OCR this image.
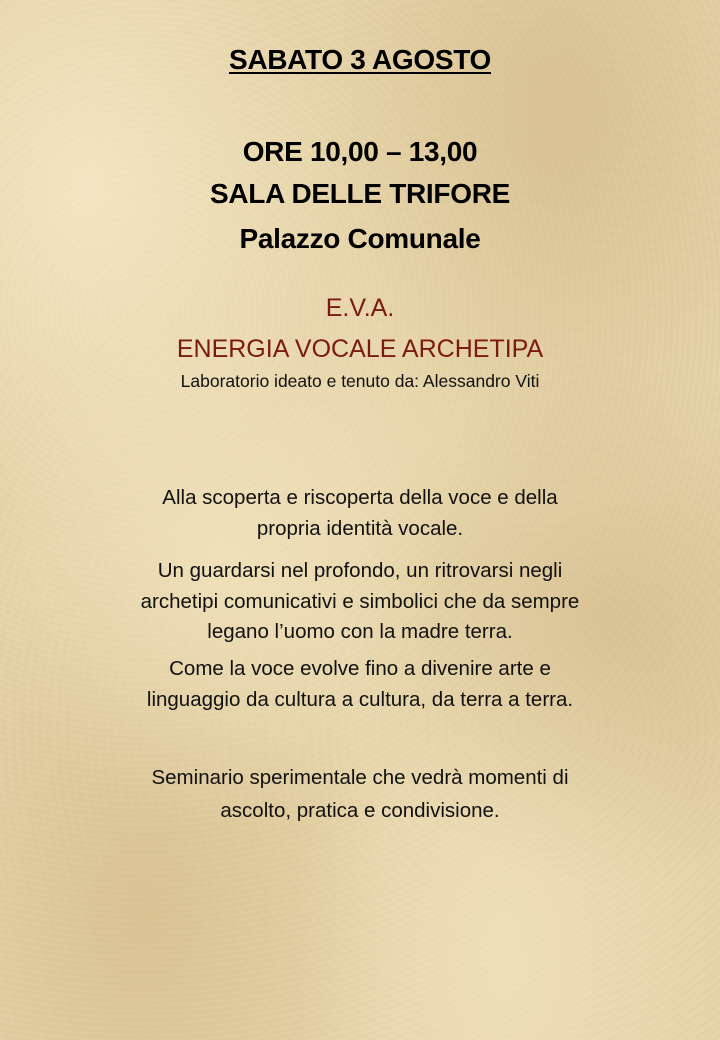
SABATO 3 AGOSTO
ORE 10,00 – 13,00
SALA DELLE TRIFORE
Palazzo Comunale
E.V.A.
ENERGIA VOCALE ARCHETIPA
Laboratorio ideato e tenuto da: Alessandro Viti
Alla scoperta e riscoperta della voce e della
propria identità vocale.
Un guardarsi nel profondo, un ritrovarsi negli
archetipi comunicativi e simbolici che da sempre
legano l’uomo con la madre terra.
Come la voce evolve fino a divenire arte e
linguaggio da cultura a cultura, da terra a terra.
Seminario sperimentale che vedrà momenti di
ascolto, pratica e condivisione.
